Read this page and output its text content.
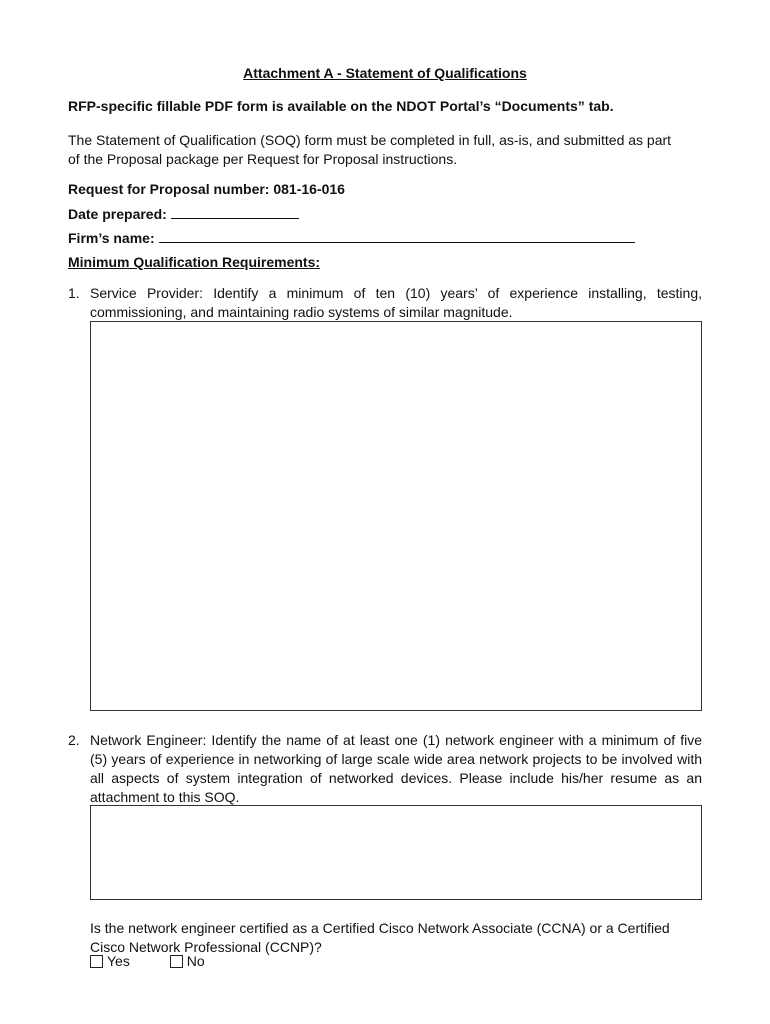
Attachment A - Statement of Qualifications
RFP-specific fillable PDF form is available on the NDOT Portal’s “Documents” tab.
The Statement of Qualification (SOQ) form must be completed in full, as-is, and submitted as part
of the Proposal package per Request for Proposal instructions.
Request for Proposal number: 081-16-016
Date prepared:
Firm’s name:
Minimum Qualification Requirements:
1. Service Provider: Identify a minimum of ten (10) years’ of experience installing, testing, commissioning, and maintaining radio systems of similar magnitude.
2. Network Engineer: Identify the name of at least one (1) network engineer with a minimum of five (5) years of experience in networking of large scale wide area network projects to be involved with all aspects of system integration of networked devices. Please include his/her resume as an attachment to this SOQ.
Is the network engineer certified as a Certified Cisco Network Associate (CCNA) or a Certified Cisco Network Professional (CCNP)?
Yes
	No
